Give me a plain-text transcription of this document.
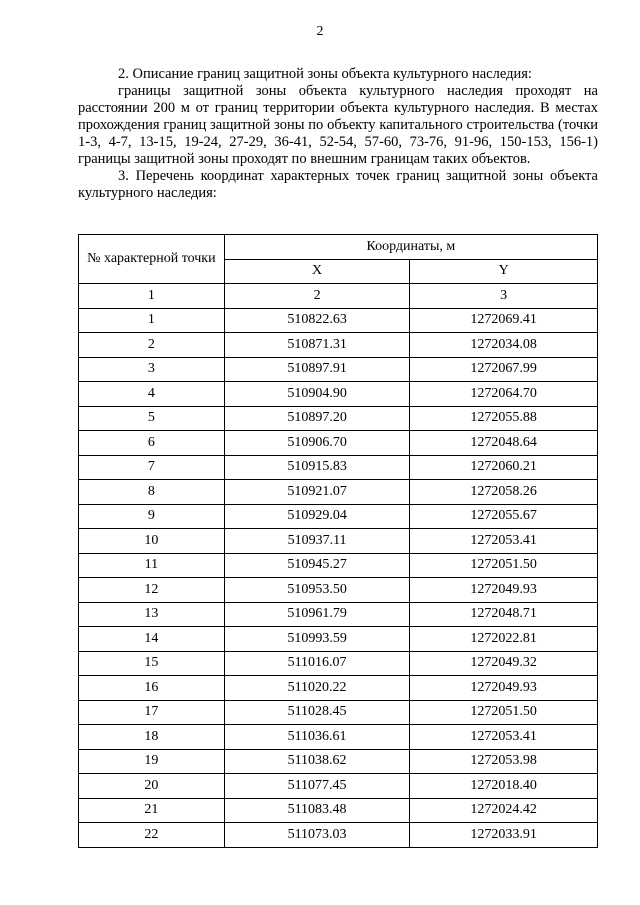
2

2. Описание границ защитной зоны объекта культурного наследия:

границы защитной зоны объекта культурного наследия проходят на расстоянии 200 м от границ территории объекта культурного наследия. В местах прохождения границ защитной зоны по объекту капитального строительства (точки 1-3, 4-7, 13-15, 19-24, 27-29, 36-41, 52-54, 57-60, 73-76, 91-96, 150-153, 156-1) границы защитной зоны проходят по внешним границам таких объектов.

3. Перечень координат характерных точек границ защитной зоны объекта культурного наследия:

№ характерной точки	Координаты, м	
	X	Y
1	2	3
1	510822.63	1272069.41
2	510871.31	1272034.08
3	510897.91	1272067.99
4	510904.90	1272064.70
5	510897.20	1272055.88
6	510906.70	1272048.64
7	510915.83	1272060.21
8	510921.07	1272058.26
9	510929.04	1272055.67
10	510937.11	1272053.41
11	510945.27	1272051.50
12	510953.50	1272049.93
13	510961.79	1272048.71
14	510993.59	1272022.81
15	511016.07	1272049.32
16	511020.22	1272049.93
17	511028.45	1272051.50
18	511036.61	1272053.41
19	511038.62	1272053.98
20	511077.45	1272018.40
21	511083.48	1272024.42
22	511073.03	1272033.91
